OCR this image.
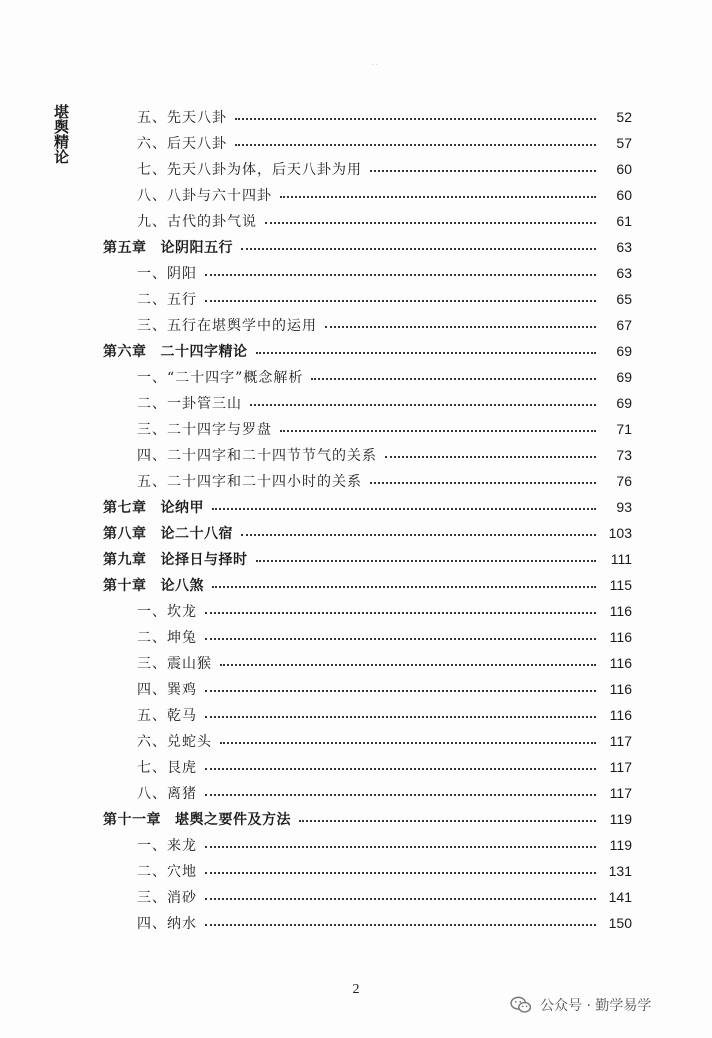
堪舆精论
· ·
五、先天八卦	52
六、后天八卦	57
七、先天八卦为体，后天八卦为用	60
八、八卦与六十四卦	60
九、古代的卦气说	61
第五章 论阴阳五行	63
一、阴阳	63
二、五行	65
三、五行在堪舆学中的运用	67
第六章 二十四字精论	69
一、“二十四字”概念解析	69
二、一卦管三山	69
三、二十四字与罗盘	71
四、二十四字和二十四节节气的关系	73
五、二十四字和二十四小时的关系	76
第七章 论纳甲	93
第八章 论二十八宿	103
第九章 论择日与择时	111
第十章 论八煞	115
一、坎龙	116
二、坤兔	116
三、震山猴	116
四、巽鸡	116
五、乾马	116
六、兑蛇头	117
七、艮虎	117
八、离猪	117
第十一章 堪舆之要件及方法	119
一、来龙	119
二、穴地	131
三、消砂	141
四、纳水	150
2
公众号 · 勤学易学
